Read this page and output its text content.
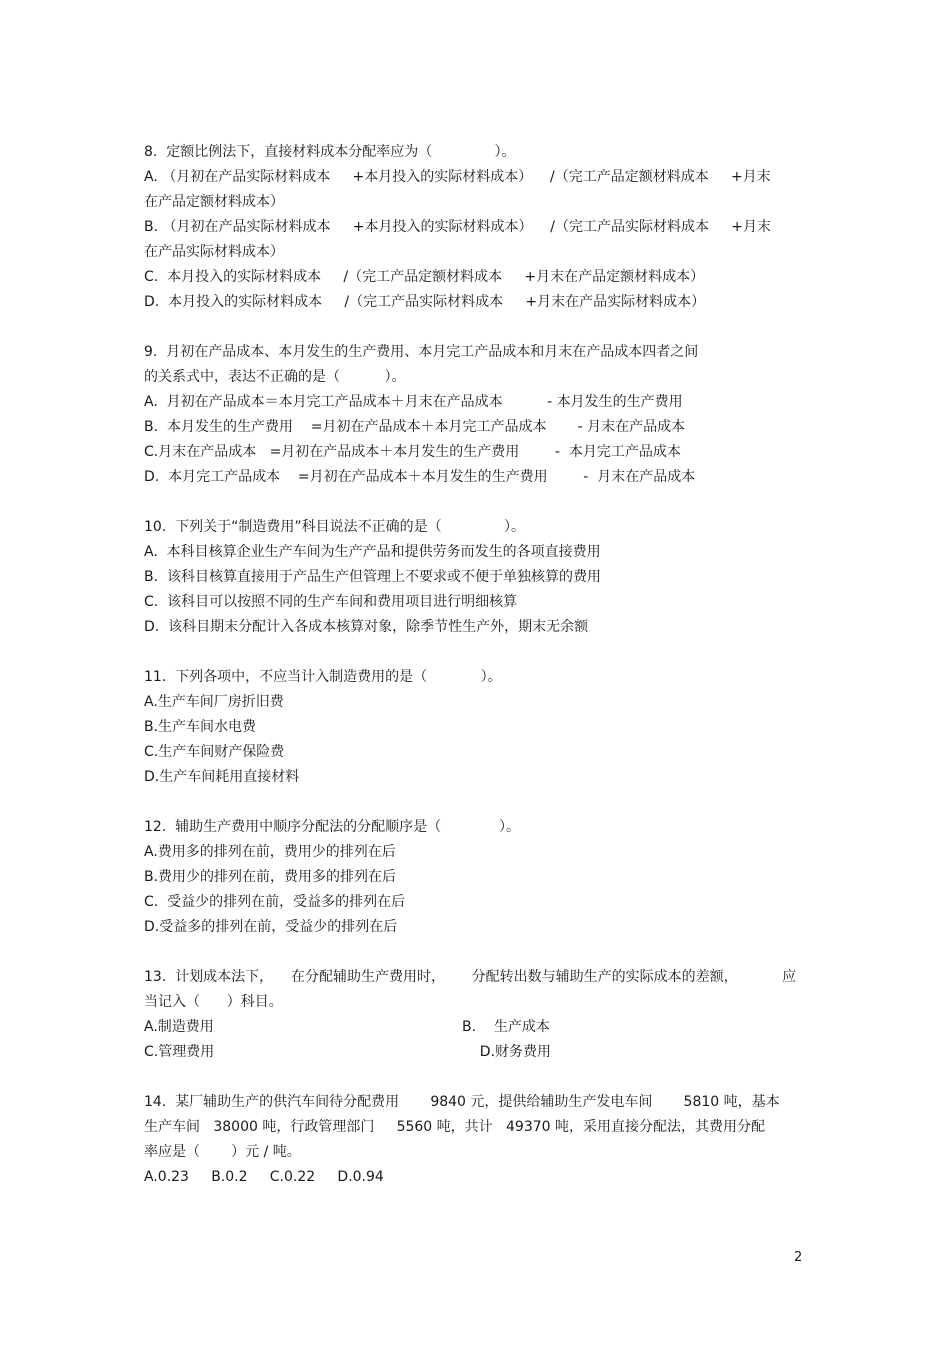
8.  定额比例法下，直接材料成本分配率应为（              ）。
A. （月初在产品实际材料成本     +本月投入的实际材料成本）    /（完工产品定额材料成本     +月末
在产品定额材料成本）
B. （月初在产品实际材料成本     +本月投入的实际材料成本）    /（完工产品实际材料成本     +月末
在产品实际材料成本）
C.  本月投入的实际材料成本     /（完工产品定额材料成本     +月末在产品定额材料成本）
D.  本月投入的实际材料成本     /（完工产品实际材料成本     +月末在产品实际材料成本）
9.  月初在产品成本、本月发生的生产费用、本月完工产品成本和月末在产品成本四者之间
的关系式中，表达不正确的是（          ）。
A.  月初在产品成本＝本月完工产品成本＋月末在产品成本          - 本月发生的生产费用
B.  本月发生的生产费用    =月初在产品成本＋本月完工产品成本       - 月末在产品成本
C.月末在产品成本   =月初在产品成本＋本月发生的生产费用        -  本月完工产品成本
D.  本月完工产品成本    =月初在产品成本＋本月发生的生产费用        -  月末在产品成本
10.  下列关于“制造费用”科目说法不正确的是（              ）。
A.  本科目核算企业生产车间为生产产品和提供劳务而发生的各项直接费用
B.  该科目核算直接用于产品生产但管理上不要求或不便于单独核算的费用
C.  该科目可以按照不同的生产车间和费用项目进行明细核算
D.  该科目期末分配计入各成本核算对象，除季节性生产外，期末无余额
11.  下列各项中，不应当计入制造费用的是（            ）。
A.生产车间厂房折旧费
B.生产车间水电费
C.生产车间财产保险费
D.生产车间耗用直接材料
12.  辅助生产费用中顺序分配法的分配顺序是（             ）。
A.费用多的排列在前，费用少的排列在后
B.费用少的排列在前，费用多的排列在后
C.  受益少的排列在前，受益多的排列在后
D.受益多的排列在前，受益少的排列在后
13.  计划成本法下，    在分配辅助生产费用时，      分配转出数与辅助生产的实际成本的差额，          应
当记入（      ）科目。
A.制造费用	B.    生产成本
C.管理费用	D.财务费用
14.  某厂辅助生产的供汽车间待分配费用       9840 元，提供给辅助生产发电车间       5810 吨，基本
生产车间   38000 吨，行政管理部门     5560 吨，共计   49370 吨，采用直接分配法，其费用分配
率应是（       ）元 / 吨。
A.0.23     B.0.2     C.0.22     D.0.94
2
